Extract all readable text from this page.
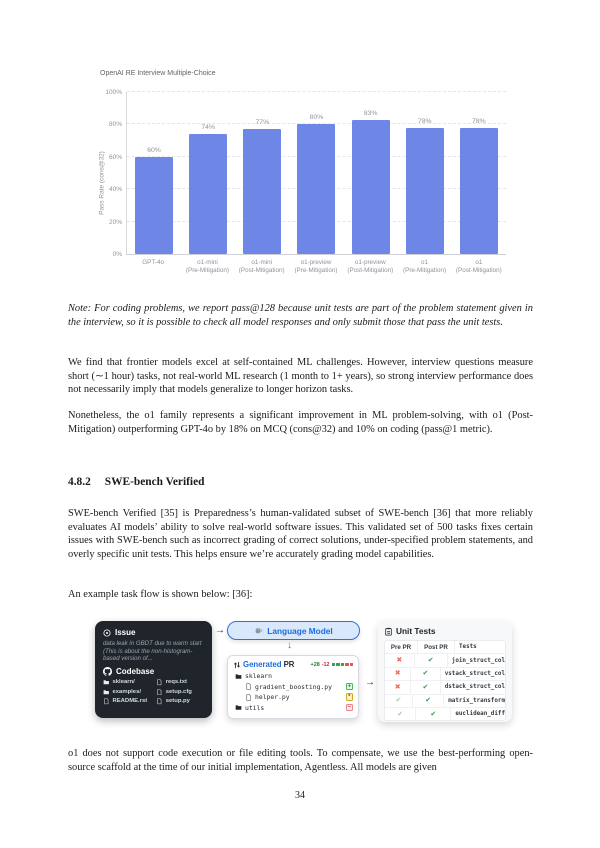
OpenAI RE Interview Multiple-Choice
Pass Rate (cons@32)
0%
20%
40%
60%
80%
100%
60%
74%
77%
80%
83%
78%	78%
GPT-4o	o1-mini
(Pre-Mitigation)
o1-mini
(Post-Mitigation)
o1-preview
(Pre-Mitigation)
o1-preview
(Post-Mitigation)
o1
(Pre-Mitigation)
o1
(Post-Mitigation)
Note: For coding problems, we report pass@128 because unit tests are part of the problem statement given in the interview, so it is possible to check all model responses and only submit those that pass the unit tests.
We find that frontier models excel at self-contained ML challenges. However, interview questions measure short (∼1 hour) tasks, not real-world ML research (1 month to 1+ years), so strong interview performance does not necessarily imply that models generalize to longer horizon tasks.
Nonetheless, the o1 family represents a significant improvement in ML problem-solving, with o1 (Post-Mitigation) outperforming GPT-4o by 18% on MCQ (cons@32) and 10% on coding (pass@1 metric).
4.8.2 SWE-bench Verified
SWE-bench Verified [35] is Preparedness’s human-validated subset of SWE-bench [36] that more reliably evaluates AI models’ ability to solve real-world software issues. This validated set of 500 tasks fixes certain issues with SWE-bench such as incorrect grading of correct solutions, under-specified problem statements, and overly specific unit tests. This helps ensure we’re accurately grading model capabilities.
An example task flow is shown below: [36]:
Issue
data leak in GBDT due to warm start (This is about the non-histogram-based version of...
Codebase
sklearn/
examples/
README.rst
reqs.txt
setup.cfg
setup.py
→	Language Model
↓
Generated PR	+28 -12
sklearn
gradient_boosting.py	+
helper.py	•
utils	−
→
Unit Tests
Pre PR	Post PR	Tests
✖	✔	join_struct_col
✖	✔	vstack_struct_col
✖	✔	dstack_struct_col
✔	✔	matrix_transform
✔	✔	euclidean_diff
o1 does not support code execution or file editing tools. To compensate, we use the best-performing open-source scaffold at the time of our initial implementation, Agentless. All models are given
34
